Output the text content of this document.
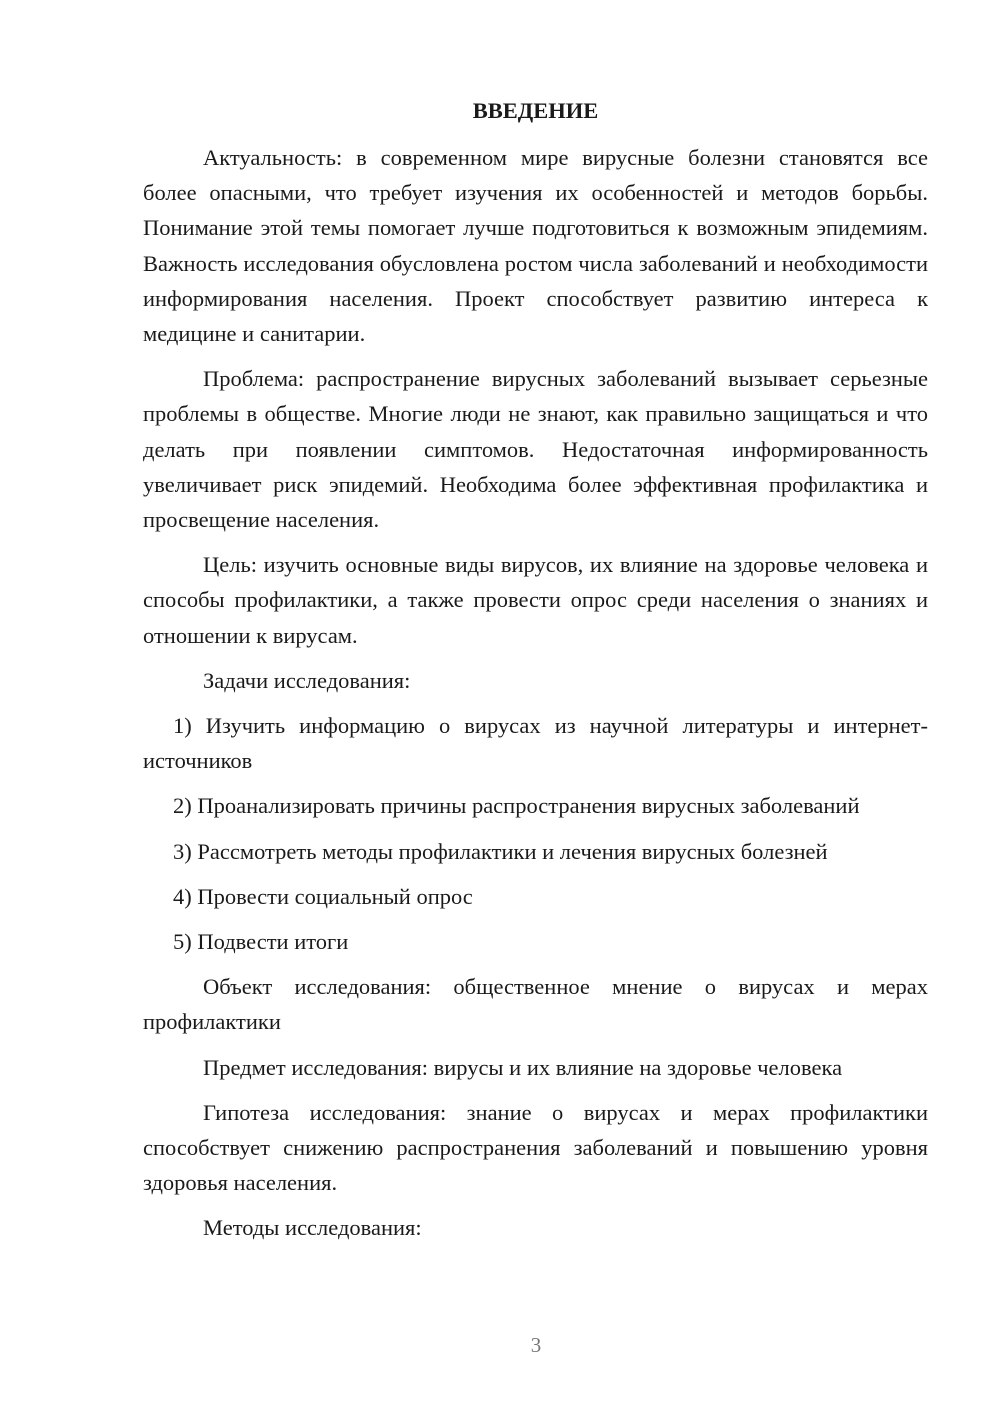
ВВЕДЕНИЕ

Актуальность: в современном мире вирусные болезни становятся все более опасными, что требует изучения их особенностей и методов борьбы. Понимание этой темы помогает лучше подготовиться к возможным эпидемиям. Важность исследования обусловлена ростом числа заболеваний и необходимости информирования населения. Проект способствует развитию интереса к медицине и санитарии.

Проблема: распространение вирусных заболеваний вызывает серьезные проблемы в обществе. Многие люди не знают, как правильно защищаться и что делать при появлении симптомов. Недостаточная информированность увеличивает риск эпидемий. Необходима более эффективная профилактика и просвещение населения.

Цель: изучить основные виды вирусов, их влияние на здоровье человека и способы профилактики, а также провести опрос среди населения о знаниях и отношении к вирусам.

Задачи исследования:

1) Изучить информацию о вирусах из научной литературы и интернет-источников

2) Проанализировать причины распространения вирусных заболеваний

3) Рассмотреть методы профилактики и лечения вирусных болезней

4) Провести социальный опрос

5) Подвести итоги

Объект исследования: общественное мнение о вирусах и мерах профилактики

Предмет исследования: вирусы и их влияние на здоровье человека

Гипотеза исследования: знание о вирусах и мерах профилактики способствует снижению распространения заболеваний и повышению уровня здоровья населения.

Методы исследования:

3
